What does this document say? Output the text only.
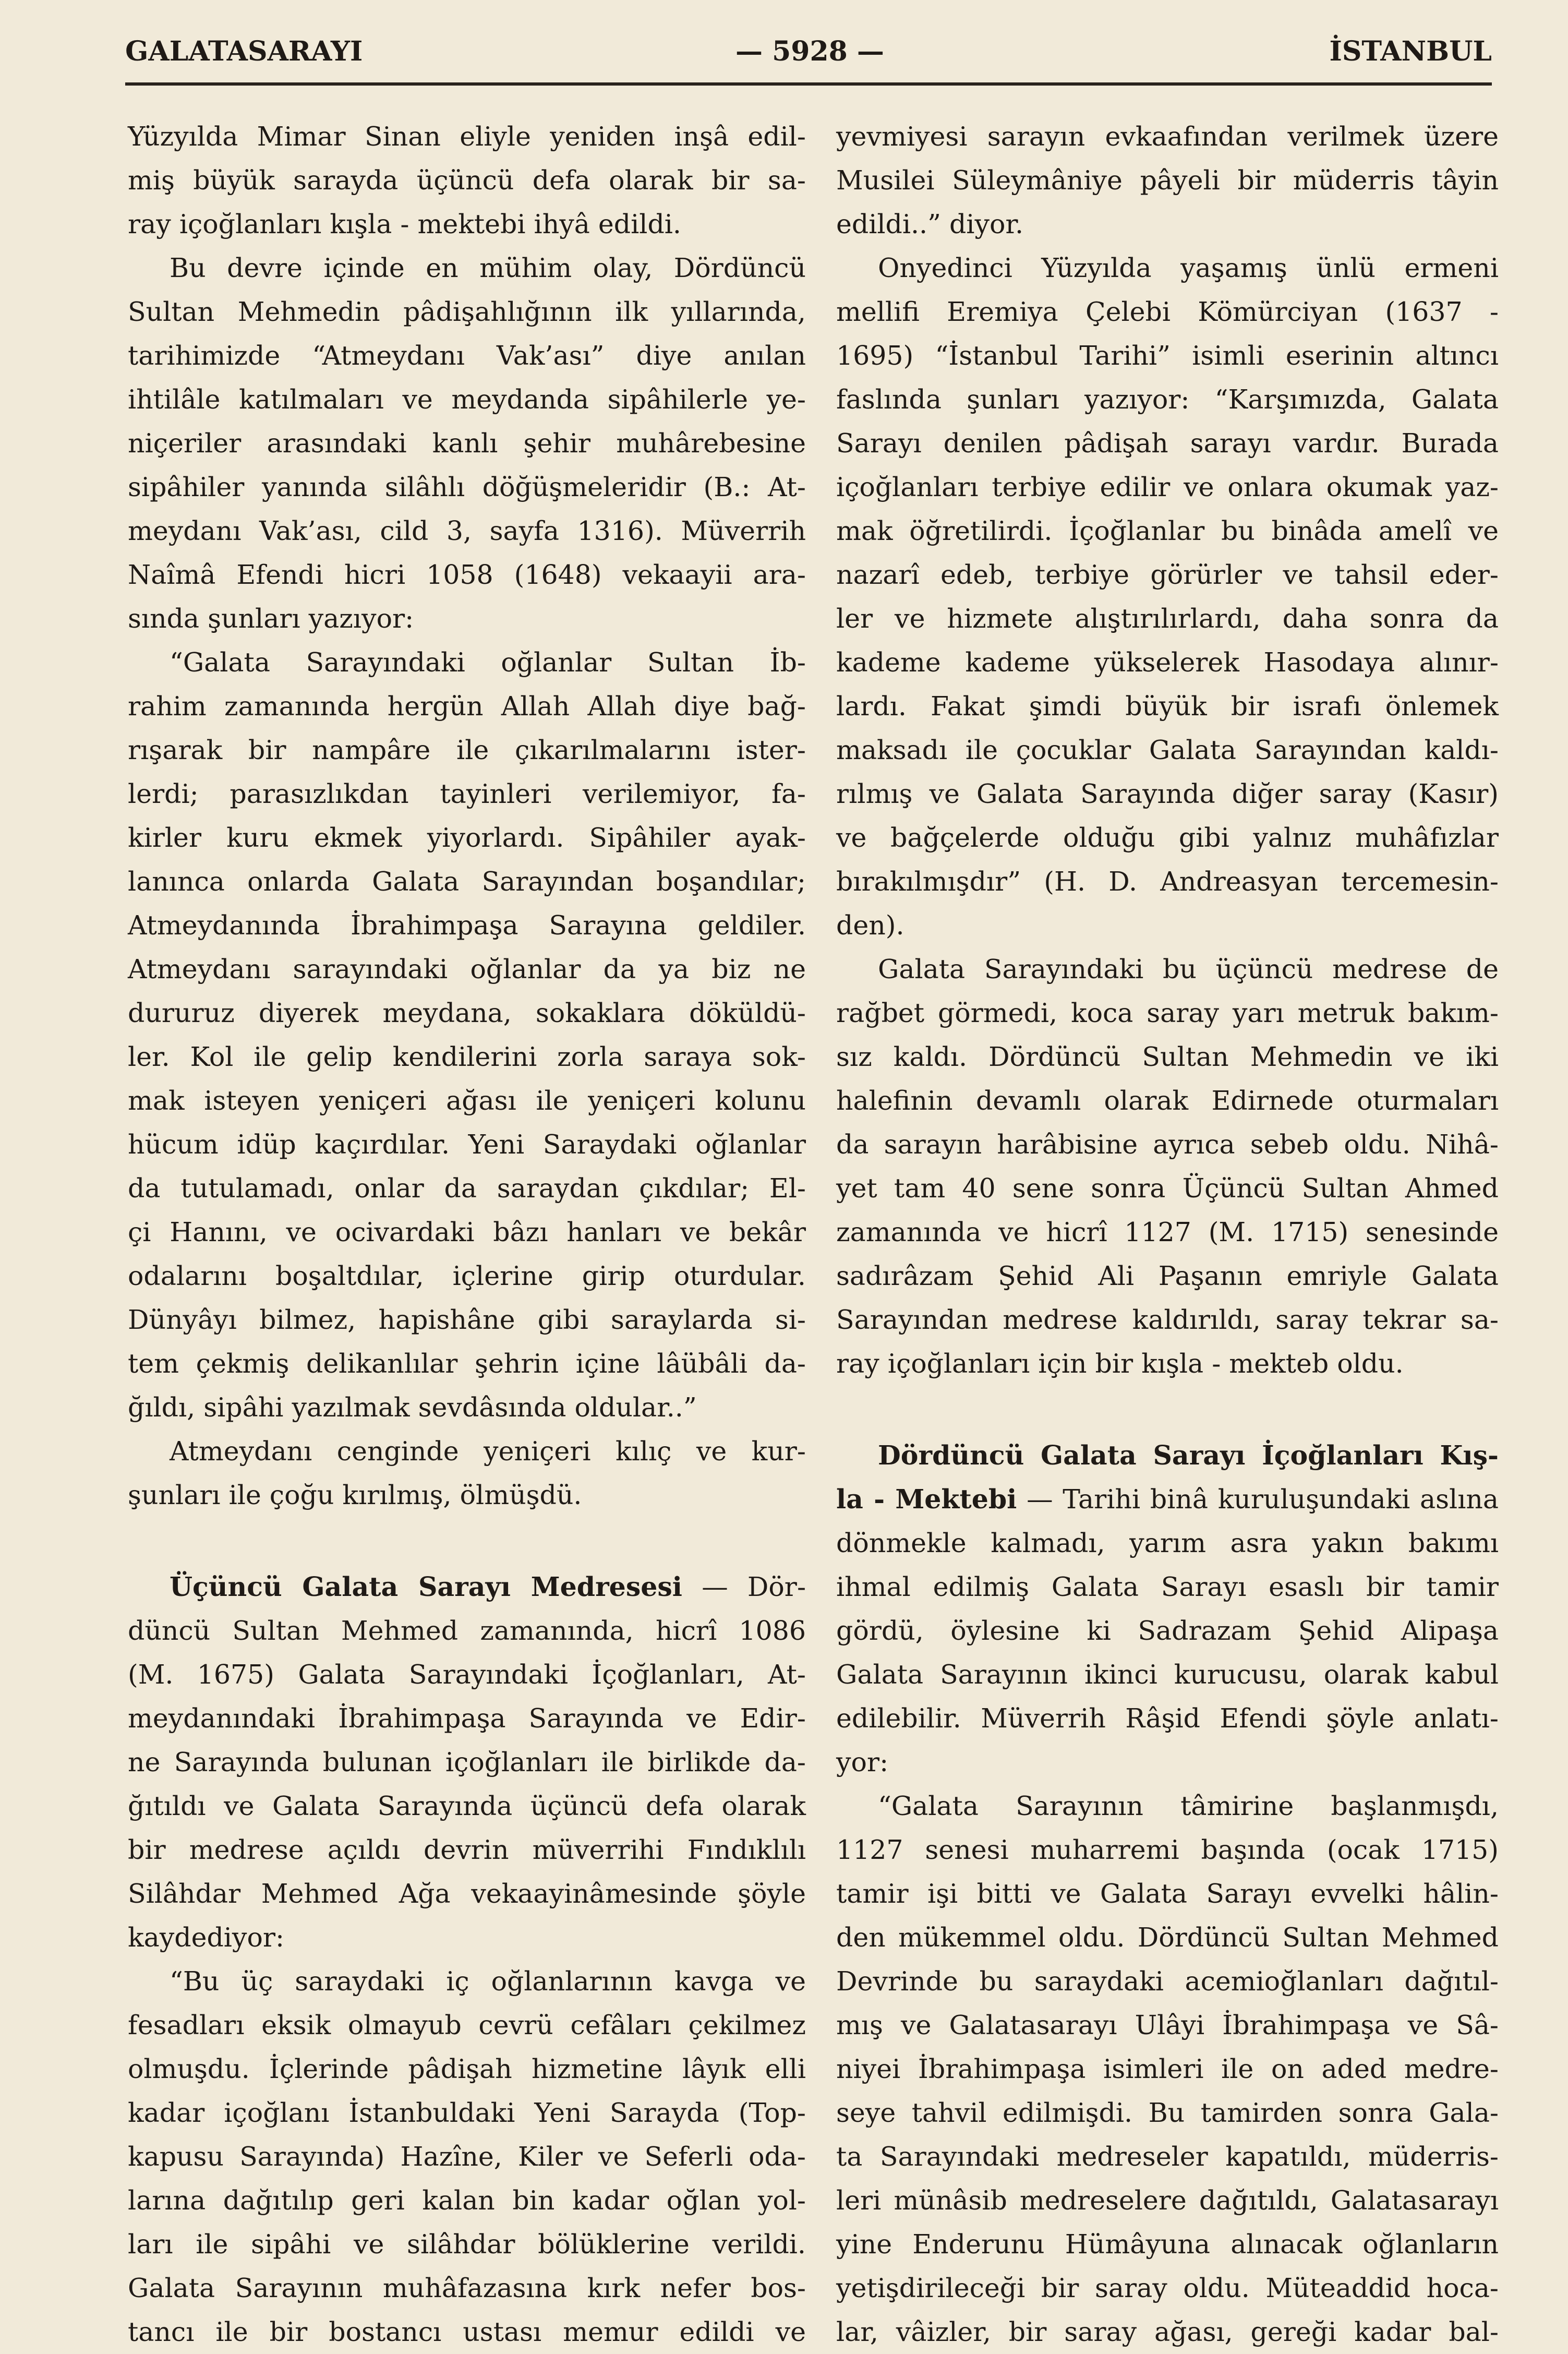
GALATASARAYI	— 5928 —	İSTANBUL
Yüzyılda Mimar Sinan eliyle yeniden inşâ edil-
miş büyük sarayda üçüncü defa olarak bir sa-
ray içoğlanları kışla - mektebi ihyâ edildi.
Bu devre içinde en mühim olay, Dördüncü
Sultan Mehmedin pâdişahlığının ilk yıllarında,
tarihimizde “Atmeydanı Vak’ası” diye anılan
ihtilâle katılmaları ve meydanda sipâhilerle ye-
niçeriler arasındaki kanlı şehir muhârebesine
sipâhiler yanında silâhlı döğüşmeleridir (B.: At-
meydanı Vak’ası, cild 3, sayfa 1316). Müverrih
Naîmâ Efendi hicri 1058 (1648) vekaayii ara-
sında şunları yazıyor:
“Galata Sarayındaki oğlanlar Sultan İb-
rahim zamanında hergün Allah Allah diye bağ-
rışarak bir nampâre ile çıkarılmalarını ister-
lerdi; parasızlıkdan tayinleri verilemiyor, fa-
kirler kuru ekmek yiyorlardı. Sipâhiler ayak-
lanınca onlarda Galata Sarayından boşandılar;
Atmeydanında İbrahimpaşa Sarayına geldiler.
Atmeydanı sarayındaki oğlanlar da ya biz ne
dururuz diyerek meydana, sokaklara döküldü-
ler. Kol ile gelip kendilerini zorla saraya sok-
mak isteyen yeniçeri ağası ile yeniçeri kolunu
hücum idüp kaçırdılar. Yeni Saraydaki oğlanlar
da tutulamadı, onlar da saraydan çıkdılar; El-
çi Hanını, ve ocivardaki bâzı hanları ve bekâr
odalarını boşaltdılar, içlerine girip oturdular.
Dünyâyı bilmez, hapishâne gibi saraylarda si-
tem çekmiş delikanlılar şehrin içine lâübâli da-
ğıldı, sipâhi yazılmak sevdâsında oldular..”
Atmeydanı cenginde yeniçeri kılıç ve kur-
şunları ile çoğu kırılmış, ölmüşdü.
Üçüncü Galata Sarayı Medresesi — Dör-
düncü Sultan Mehmed zamanında, hicrî 1086
(M. 1675) Galata Sarayındaki İçoğlanları, At-
meydanındaki İbrahimpaşa Sarayında ve Edir-
ne Sarayında bulunan içoğlanları ile birlikde da-
ğıtıldı ve Galata Sarayında üçüncü defa olarak
bir medrese açıldı devrin müverrihi Fındıklılı
Silâhdar Mehmed Ağa vekaayinâmesinde şöyle
kaydediyor:
“Bu üç saraydaki iç oğlanlarının kavga ve
fesadları eksik olmayub cevrü cefâları çekilmez
olmuşdu. İçlerinde pâdişah hizmetine lâyık elli
kadar içoğlanı İstanbuldaki Yeni Sarayda (Top-
kapusu Sarayında) Hazîne, Kiler ve Seferli oda-
larına dağıtılıp geri kalan bin kadar oğlan yol-
ları ile sipâhi ve silâhdar bölüklerine verildi.
Galata Sarayının muhâfazasına kırk nefer bos-
tancı ile bir bostancı ustası memur edildi ve
yevmiyesi sarayın evkaafından verilmek üzere
Musilei Süleymâniye pâyeli bir müderris tâyin
edildi..” diyor.
Onyedinci Yüzyılda yaşamış ünlü ermeni
mellifi Eremiya Çelebi Kömürciyan (1637 -
1695) “İstanbul Tarihi” isimli eserinin altıncı
faslında şunları yazıyor: “Karşımızda, Galata
Sarayı denilen pâdişah sarayı vardır. Burada
içoğlanları terbiye edilir ve onlara okumak yaz-
mak öğretilirdi. İçoğlanlar bu binâda amelî ve
nazarî edeb, terbiye görürler ve tahsil eder-
ler ve hizmete alıştırılırlardı, daha sonra da
kademe kademe yükselerek Hasodaya alınır-
lardı. Fakat şimdi büyük bir israfı önlemek
maksadı ile çocuklar Galata Sarayından kaldı-
rılmış ve Galata Sarayında diğer saray (Kasır)
ve bağçelerde olduğu gibi yalnız muhâfızlar
bırakılmışdır” (H. D. Andreasyan tercemesin-
den).
Galata Sarayındaki bu üçüncü medrese de
rağbet görmedi, koca saray yarı metruk bakım-
sız kaldı. Dördüncü Sultan Mehmedin ve iki
halefinin devamlı olarak Edirnede oturmaları
da sarayın harâbisine ayrıca sebeb oldu. Nihâ-
yet tam 40 sene sonra Üçüncü Sultan Ahmed
zamanında ve hicrî 1127 (M. 1715) senesinde
sadırâzam Şehid Ali Paşanın emriyle Galata
Sarayından medrese kaldırıldı, saray tekrar sa-
ray içoğlanları için bir kışla - mekteb oldu.
Dördüncü Galata Sarayı İçoğlanları Kış-
la - Mektebi — Tarihi binâ kuruluşundaki aslına
dönmekle kalmadı, yarım asra yakın bakımı
ihmal edilmiş Galata Sarayı esaslı bir tamir
gördü, öylesine ki Sadrazam Şehid Alipaşa
Galata Sarayının ikinci kurucusu, olarak kabul
edilebilir. Müverrih Râşid Efendi şöyle anlatı-
yor:
“Galata Sarayının tâmirine başlanmışdı,
1127 senesi muharremi başında (ocak 1715)
tamir işi bitti ve Galata Sarayı evvelki hâlin-
den mükemmel oldu. Dördüncü Sultan Mehmed
Devrinde bu saraydaki acemioğlanları dağıtıl-
mış ve Galatasarayı Ulâyi İbrahimpaşa ve Sâ-
niyei İbrahimpaşa isimleri ile on aded medre-
seye tahvil edilmişdi. Bu tamirden sonra Gala-
ta Sarayındaki medreseler kapatıldı, müderris-
leri münâsib medreselere dağıtıldı, Galatasarayı
yine Enderunu Hümâyuna alınacak oğlanların
yetişdirileceği bir saray oldu. Müteaddid hoca-
lar, vâizler, bir saray ağası, gereği kadar bal-
